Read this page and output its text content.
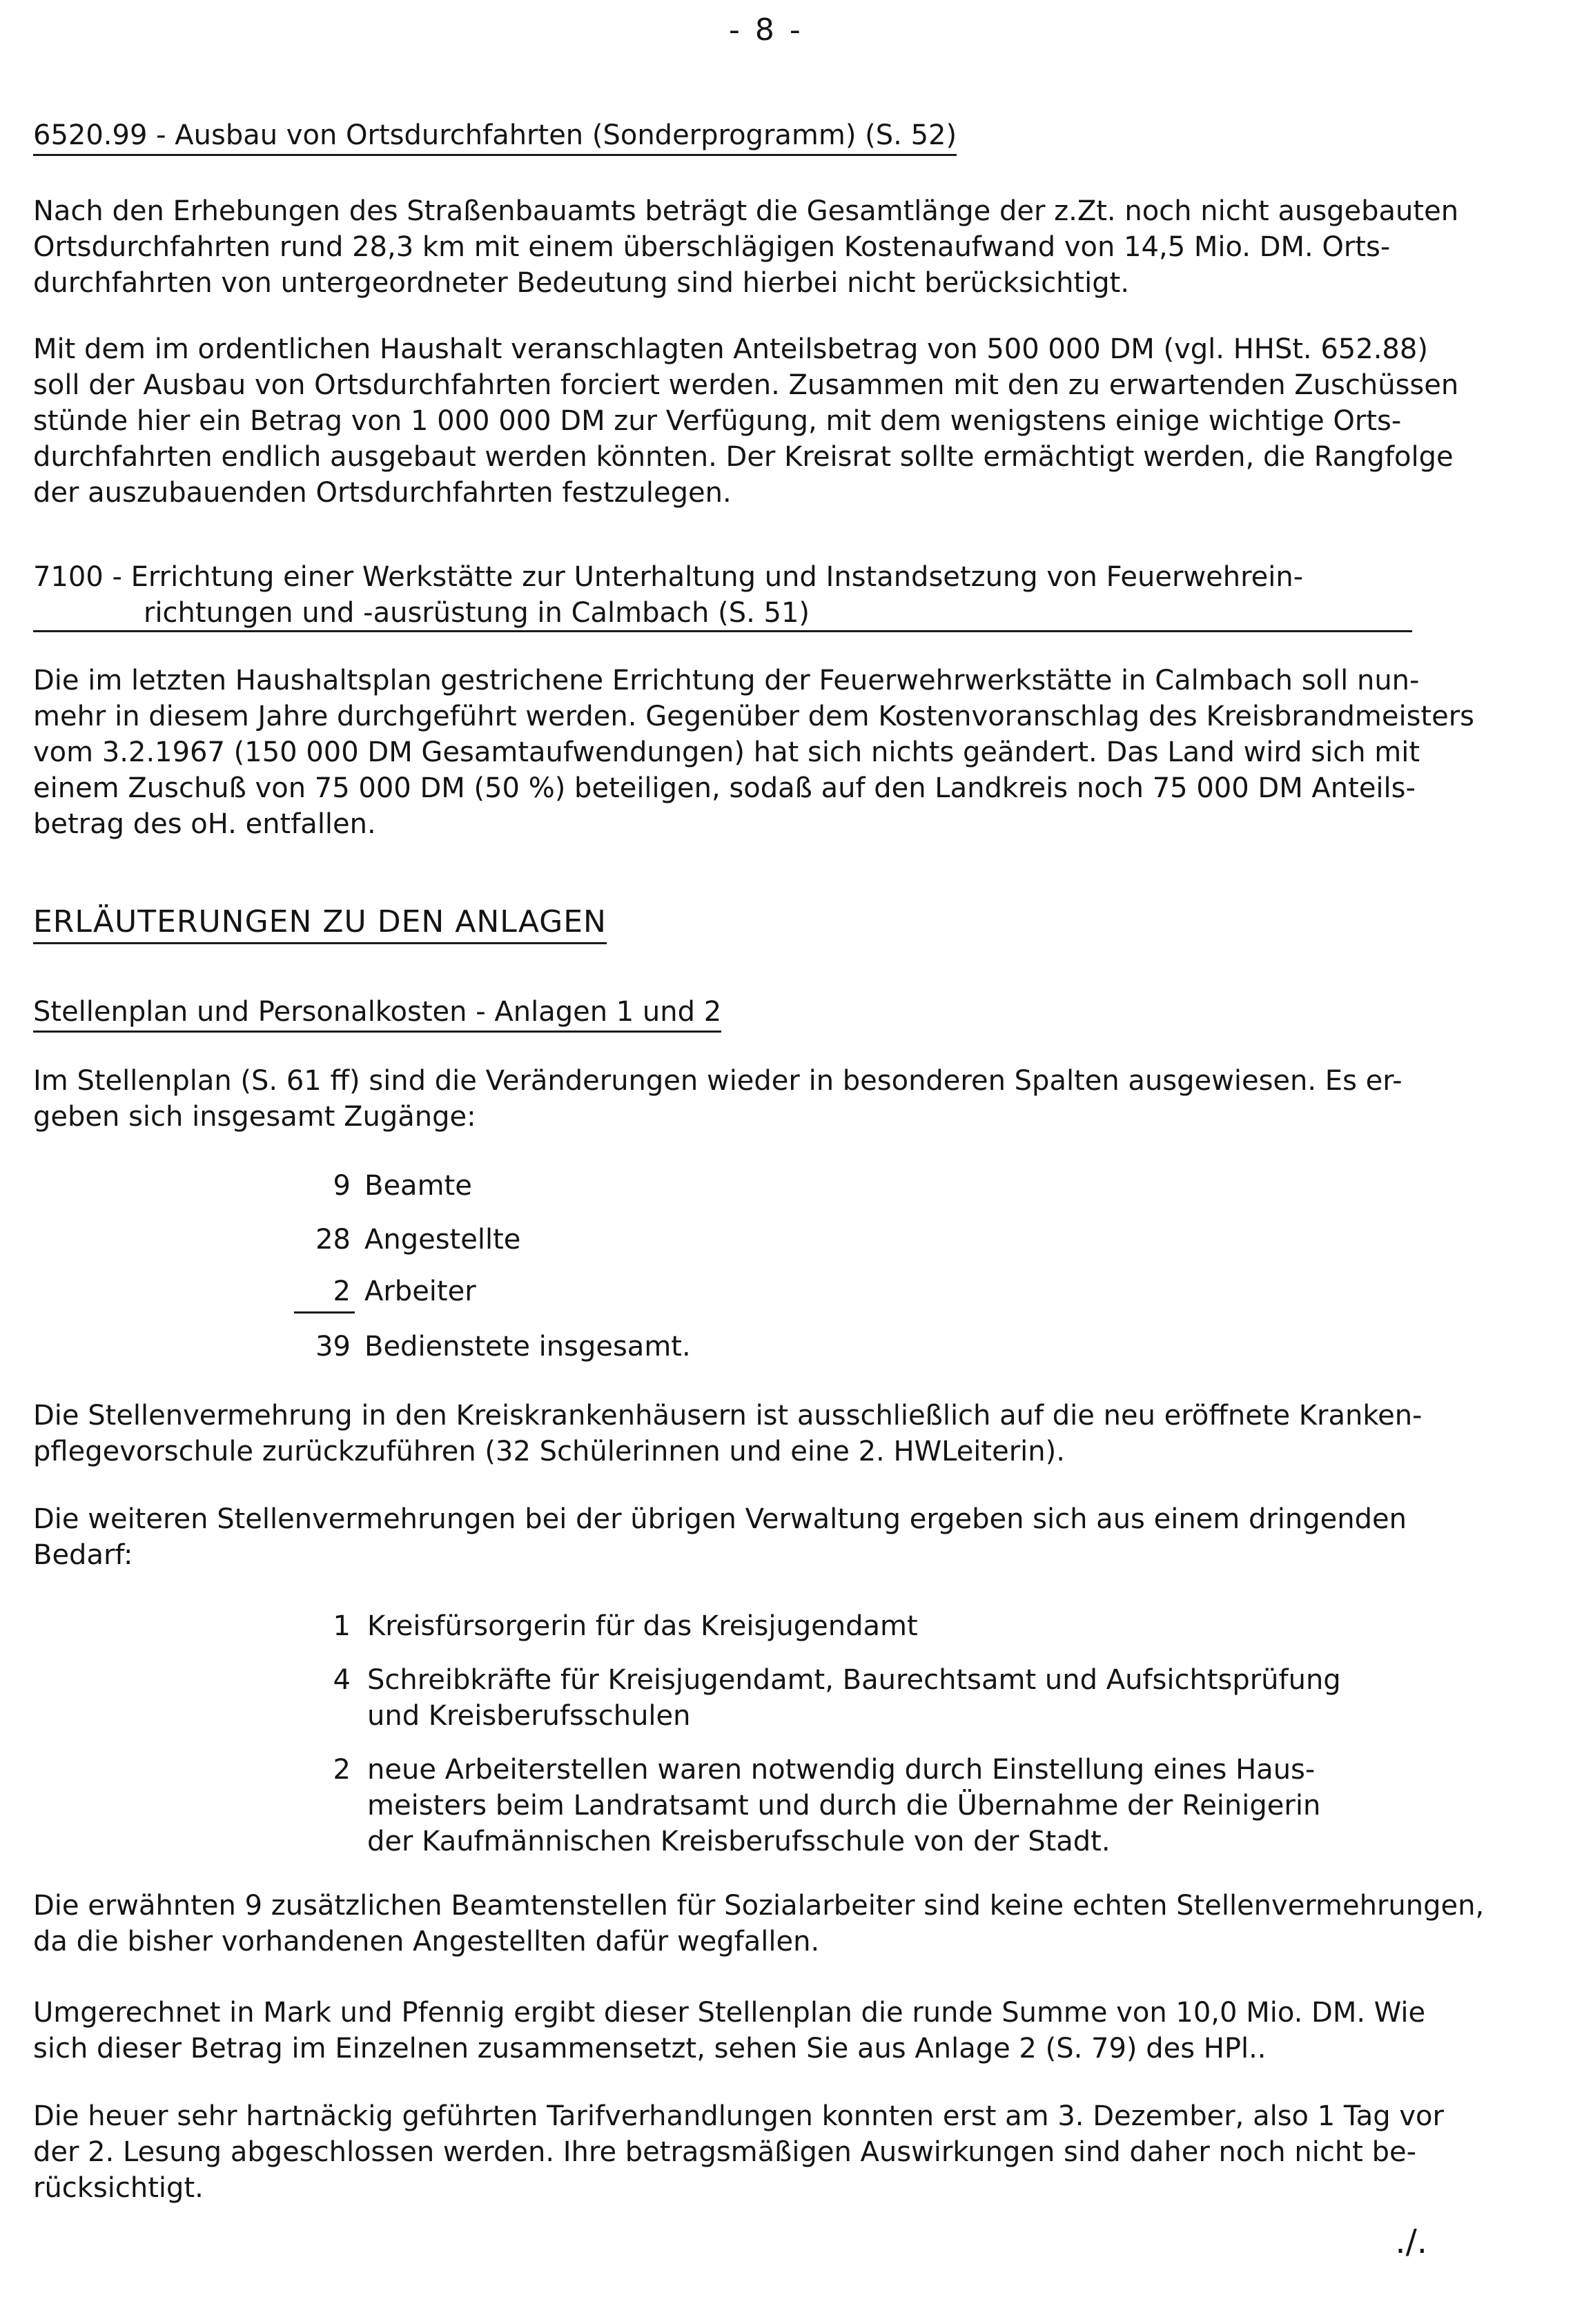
- 8 -
6520.99 - Ausbau von Ortsdurchfahrten (Sonderprogramm) (S. 52)
Nach den Erhebungen des Straßenbauamts beträgt die Gesamtlänge der z.Zt. noch nicht ausgebauten
Ortsdurchfahrten rund 28,3 km mit einem überschlägigen Kostenaufwand von 14,5 Mio. DM. Orts-
durchfahrten von untergeordneter Bedeutung sind hierbei nicht berücksichtigt.
Mit dem im ordentlichen Haushalt veranschlagten Anteilsbetrag von 500 000 DM (vgl. HHSt. 652.88)
soll der Ausbau von Ortsdurchfahrten forciert werden. Zusammen mit den zu erwartenden Zuschüssen
stünde hier ein Betrag von 1 000 000 DM zur Verfügung, mit dem wenigstens einige wichtige Orts-
durchfahrten endlich ausgebaut werden könnten. Der Kreisrat sollte ermächtigt werden, die Rangfolge
der auszubauenden Ortsdurchfahrten festzulegen.
7100 - Errichtung einer Werkstätte zur Unterhaltung und Instandsetzung von Feuerwehrein-
richtungen und -ausrüstung in Calmbach (S. 51)
Die im letzten Haushaltsplan gestrichene Errichtung der Feuerwehrwerkstätte in Calmbach soll nun-
mehr in diesem Jahre durchgeführt werden. Gegenüber dem Kostenvoranschlag des Kreisbrandmeisters
vom 3.2.1967 (150 000 DM Gesamtaufwendungen) hat sich nichts geändert. Das Land wird sich mit
einem Zuschuß von 75 000 DM (50 %) beteiligen, sodaß auf den Landkreis noch 75 000 DM Anteils-
betrag des oH. entfallen.
ERLÄUTERUNGEN ZU DEN ANLAGEN
Stellenplan und Personalkosten - Anlagen 1 und 2
Im Stellenplan (S. 61 ff) sind die Veränderungen wieder in besonderen Spalten ausgewiesen. Es er-
geben sich insgesamt Zugänge:
9 Beamte
28 Angestellte
2 Arbeiter
39 Bedienstete insgesamt.
Die Stellenvermehrung in den Kreiskrankenhäusern ist ausschließlich auf die neu eröffnete Kranken-
pflegevorschule zurückzuführen (32 Schülerinnen und eine 2. HWLeiterin).
Die weiteren Stellenvermehrungen bei der übrigen Verwaltung ergeben sich aus einem dringenden
Bedarf:
1 Kreisfürsorgerin für das Kreisjugendamt
4 Schreibkräfte für Kreisjugendamt, Baurechtsamt und Aufsichtsprüfung
und Kreisberufsschulen
2 neue Arbeiterstellen waren notwendig durch Einstellung eines Haus-
meisters beim Landratsamt und durch die Übernahme der Reinigerin
der Kaufmännischen Kreisberufsschule von der Stadt.
Die erwähnten 9 zusätzlichen Beamtenstellen für Sozialarbeiter sind keine echten Stellenvermehrungen,
da die bisher vorhandenen Angestellten dafür wegfallen.
Umgerechnet in Mark und Pfennig ergibt dieser Stellenplan die runde Summe von 10,0 Mio. DM. Wie
sich dieser Betrag im Einzelnen zusammensetzt, sehen Sie aus Anlage 2 (S. 79) des HPl..
Die heuer sehr hartnäckig geführten Tarifverhandlungen konnten erst am 3. Dezember, also 1 Tag vor
der 2. Lesung abgeschlossen werden. Ihre betragsmäßigen Auswirkungen sind daher noch nicht be-
rücksichtigt.
./.
